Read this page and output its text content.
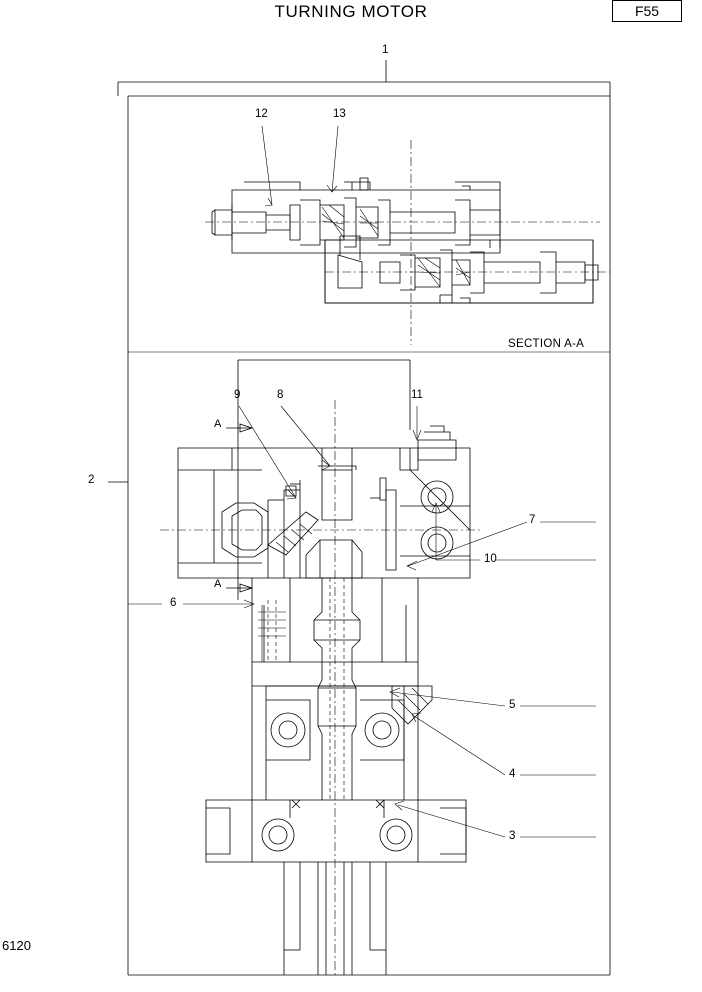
TURNING MOTOR	F55
6120
SECTION A-A
1
12	13
9	8	11
2
7
10
6
5
4
3
A
A
